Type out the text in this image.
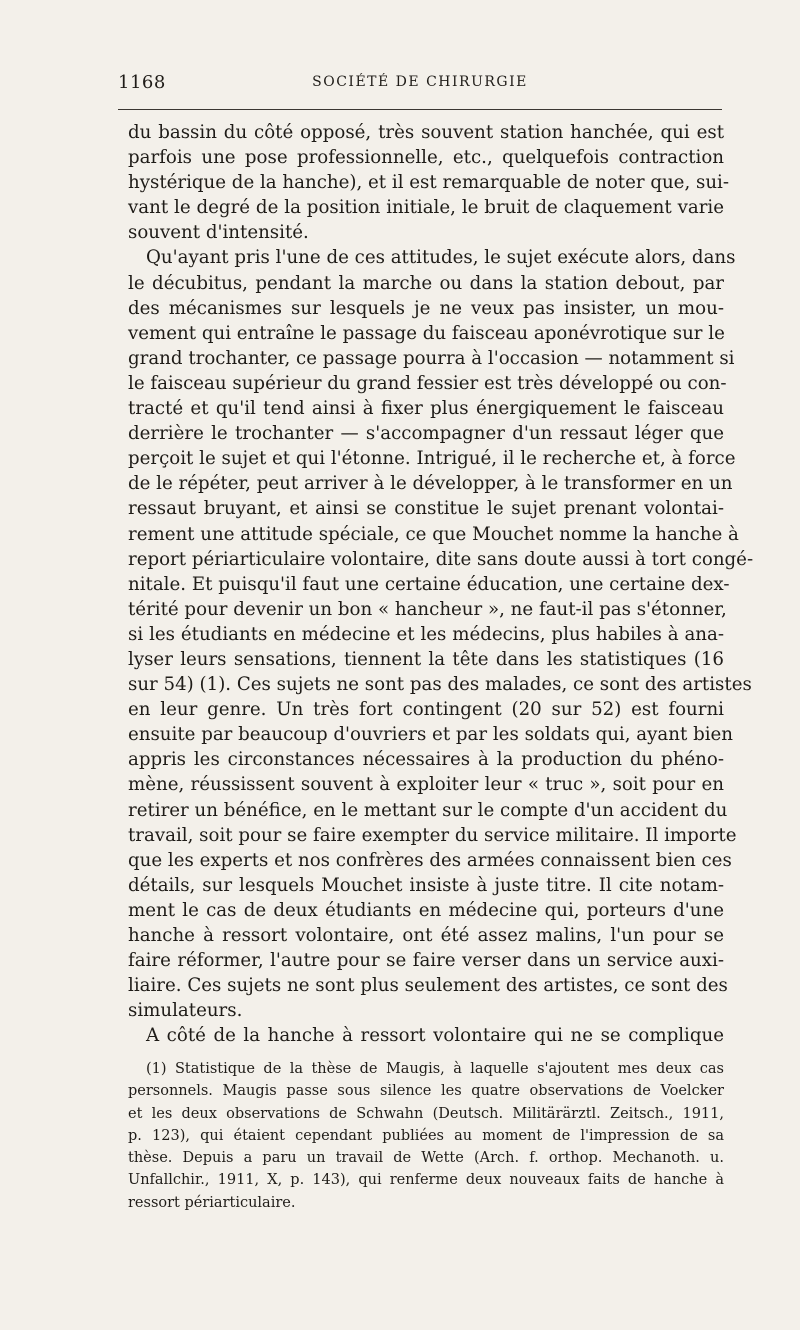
1168	SOCIÉTÉ DE CHIRURGIE
du bassin du côté opposé, très souvent station hanchée, qui est
parfois une pose professionnelle, etc., quelquefois contraction
hystérique de la hanche), et il est remarquable de noter que, sui-
vant le degré de la position initiale, le bruit de claquement varie
souvent d'intensité.
Qu'ayant pris l'une de ces attitudes, le sujet exécute alors, dans
le décubitus, pendant la marche ou dans la station debout, par
des mécanismes sur lesquels je ne veux pas insister, un mou-
vement qui entraîne le passage du faisceau aponévrotique sur le
grand trochanter, ce passage pourra à l'occasion — notamment si
le faisceau supérieur du grand fessier est très développé ou con-
tracté et qu'il tend ainsi à fixer plus énergiquement le faisceau
derrière le trochanter — s'accompagner d'un ressaut léger que
perçoit le sujet et qui l'étonne. Intrigué, il le recherche et, à force
de le répéter, peut arriver à le développer, à le transformer en un
ressaut bruyant, et ainsi se constitue le sujet prenant volontai-
rement une attitude spéciale, ce que Mouchet nomme la hanche à
report périarticulaire volontaire, dite sans doute aussi à tort congé-
nitale. Et puisqu'il faut une certaine éducation, une certaine dex-
térité pour devenir un bon « hancheur », ne faut-il pas s'étonner,
si les étudiants en médecine et les médecins, plus habiles à ana-
lyser leurs sensations, tiennent la tête dans les statistiques (16
sur 54) (1). Ces sujets ne sont pas des malades, ce sont des artistes
en leur genre. Un très fort contingent (20 sur 52) est fourni
ensuite par beaucoup d'ouvriers et par les soldats qui, ayant bien
appris les circonstances nécessaires à la production du phéno-
mène, réussissent souvent à exploiter leur « truc », soit pour en
retirer un bénéfice, en le mettant sur le compte d'un accident du
travail, soit pour se faire exempter du service militaire. Il importe
que les experts et nos confrères des armées connaissent bien ces
détails, sur lesquels Mouchet insiste à juste titre. Il cite notam-
ment le cas de deux étudiants en médecine qui, porteurs d'une
hanche à ressort volontaire, ont été assez malins, l'un pour se
faire réformer, l'autre pour se faire verser dans un service auxi-
liaire. Ces sujets ne sont plus seulement des artistes, ce sont des
simulateurs.
A côté de la hanche à ressort volontaire qui ne se complique
(1) Statistique de la thèse de Maugis, à laquelle s'ajoutent mes deux cas
personnels. Maugis passe sous silence les quatre observations de Voelcker
et les deux observations de Schwahn (Deutsch. Militärärztl. Zeitsch., 1911,
p. 123), qui étaient cependant publiées au moment de l'impression de sa
thèse. Depuis a paru un travail de Wette (Arch. f. orthop. Mechanoth. u.
Unfallchir., 1911, X, p. 143), qui renferme deux nouveaux faits de hanche à
ressort périarticulaire.
